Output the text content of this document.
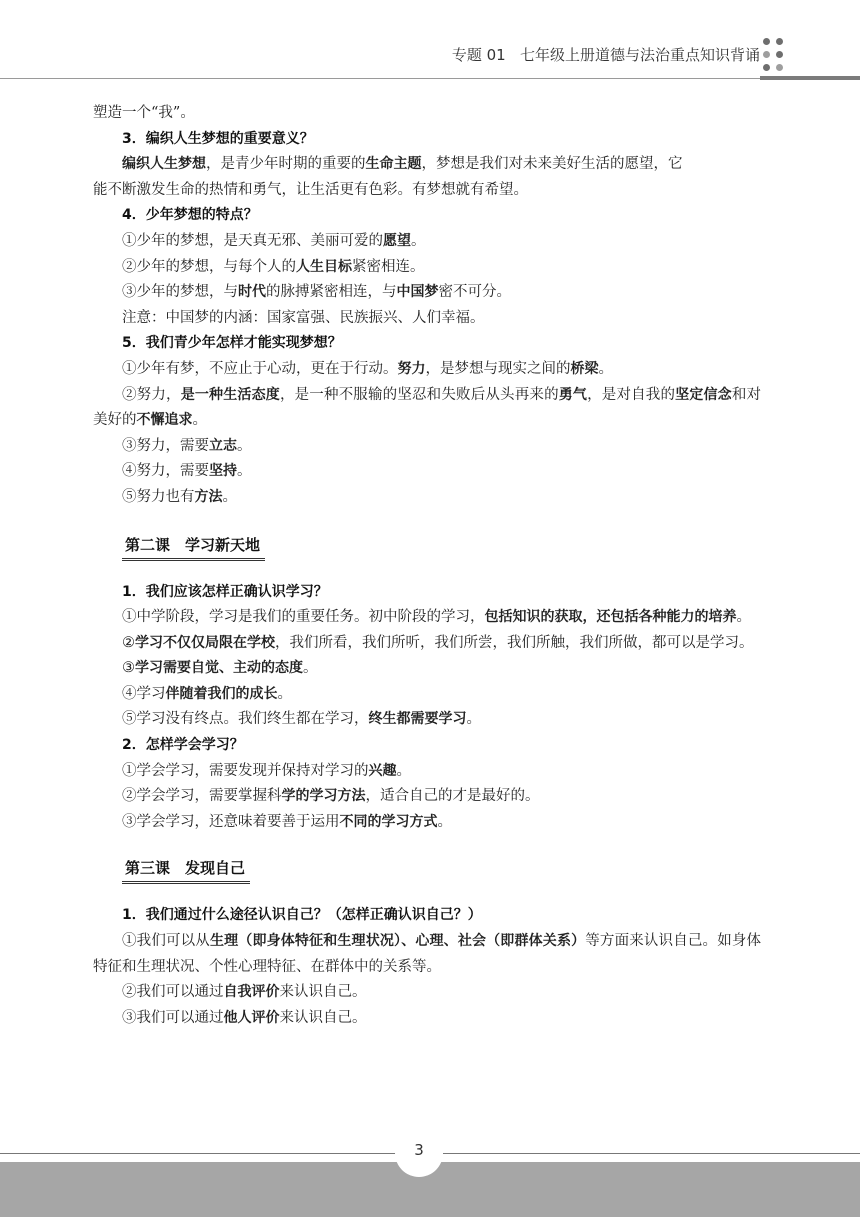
专题 01   七年级上册道德与法治重点知识背诵
塑造一个“我”。
3．编织人生梦想的重要意义？
编织人生梦想，是青少年时期的重要的生命主题，梦想是我们对未来美好生活的愿望，它
能不断激发生命的热情和勇气，让生活更有色彩。有梦想就有希望。
4．少年梦想的特点？
①少年的梦想，是天真无邪、美丽可爱的愿望。
②少年的梦想，与每个人的人生目标紧密相连。
③少年的梦想，与时代的脉搏紧密相连，与中国梦密不可分。
注意：中国梦的内涵：国家富强、民族振兴、人们幸福。
5．我们青少年怎样才能实现梦想？
①少年有梦，不应止于心动，更在于行动。努力，是梦想与现实之间的桥梁。
②努力，是一种生活态度，是一种不服输的坚忍和失败后从头再来的勇气，是对自我的坚定信念和对美好的不懈追求。
③努力，需要立志。
④努力，需要坚持。
⑤努力也有方法。
第二课　学习新天地
1．我们应该怎样正确认识学习？
①中学阶段，学习是我们的重要任务。初中阶段的学习，包括知识的获取，还包括各种能力的培养。
②学习不仅仅局限在学校，我们所看，我们所听，我们所尝，我们所触，我们所做，都可以是学习。
③学习需要自觉、主动的态度。
④学习伴随着我们的成长。
⑤学习没有终点。我们终生都在学习，终生都需要学习。
2．怎样学会学习？
①学会学习，需要发现并保持对学习的兴趣。
②学会学习，需要掌握科学的学习方法，适合自己的才是最好的。
③学会学习，还意味着要善于运用不同的学习方式。
第三课　发现自己
1．我们通过什么途径认识自己？（怎样正确认识自己？）
①我们可以从生理（即身体特征和生理状况）、心理、社会（即群体关系）等方面来认识自己。如身体特征和生理状况、个性心理特征、在群体中的关系等。
②我们可以通过自我评价来认识自己。
③我们可以通过他人评价来认识自己。
3
